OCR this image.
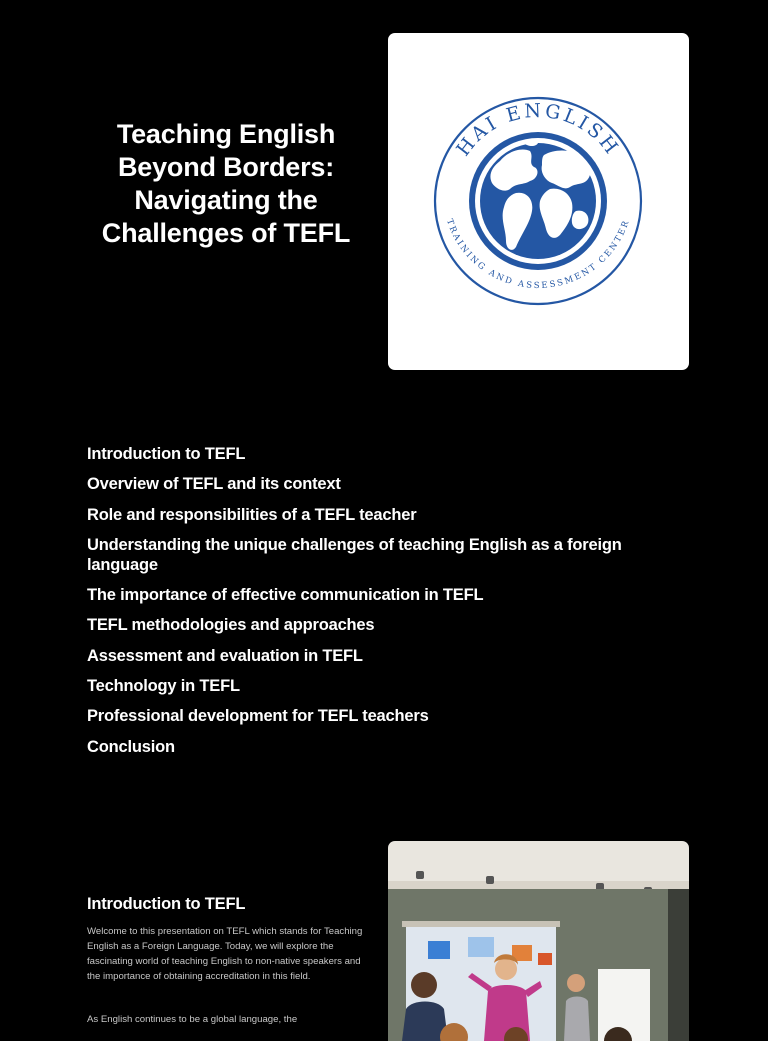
Teaching English Beyond Borders: Navigating the Challenges of TEFL
HAI ENGLISH
TRAINING AND ASSESSMENT CENTER
Introduction to TEFL
Overview of TEFL and its context
Role and responsibilities of a TEFL teacher
Understanding the unique challenges of teaching English as a foreign language
The importance of effective communication in TEFL
TEFL methodologies and approaches
Assessment and evaluation in TEFL
Technology in TEFL
Professional development for TEFL teachers
Conclusion
Introduction to TEFL

Welcome to this presentation on TEFL which stands for Teaching English as a Foreign Language. Today, we will explore the fascinating world of teaching English to non-native speakers and the importance of obtaining accreditation in this field.

As English continues to be a global language, the
